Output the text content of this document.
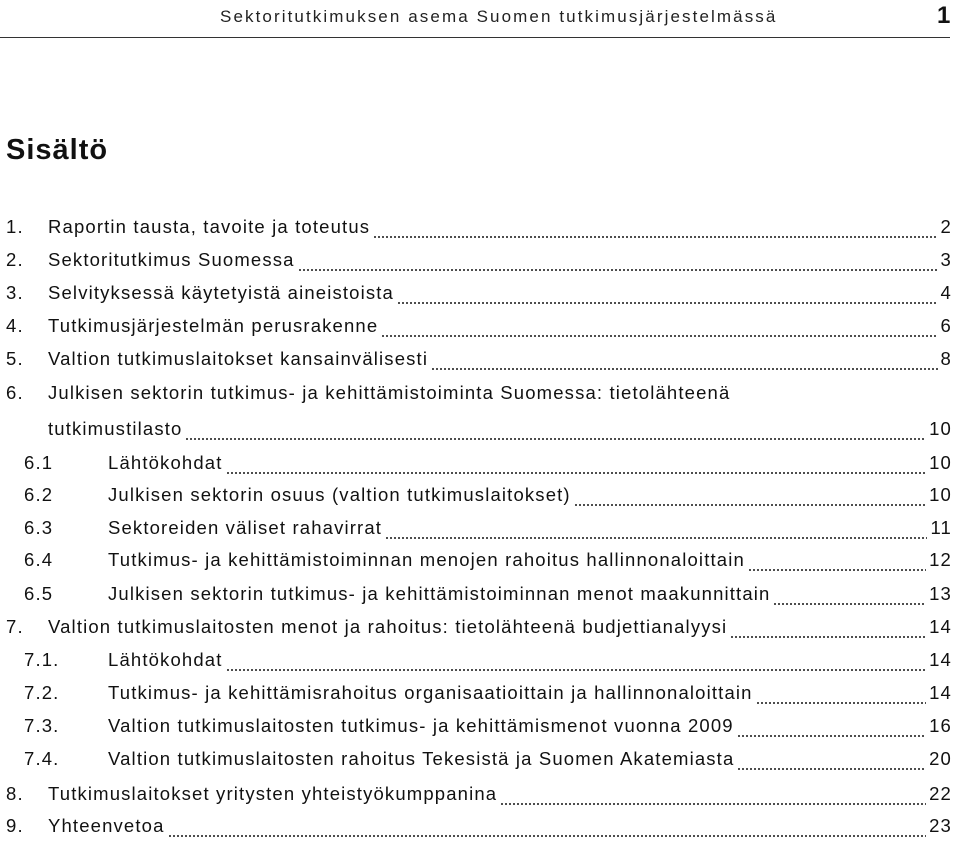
Sektoritutkimuksen asema Suomen tutkimusjärjestelmässä	1
Sisältö
1.	Raportin tausta, tavoite ja toteutus	2
2.	Sektoritutkimus Suomessa	3
3.	Selvityksessä käytetyistä aineistoista	4
4.	Tutkimusjärjestelmän perusrakenne	6
5.	Valtion tutkimuslaitokset kansainvälisesti	8
6.	Julkisen sektorin tutkimus- ja kehittämistoiminta Suomessa: tietolähteenä
tutkimustilasto	10
6.1	Lähtökohdat	10
6.2	Julkisen sektorin osuus (valtion tutkimuslaitokset)	10
6.3	Sektoreiden väliset rahavirrat	11
6.4	Tutkimus- ja kehittämistoiminnan menojen rahoitus hallinnonaloittain	12
6.5	Julkisen sektorin tutkimus- ja kehittämistoiminnan menot maakunnittain	13
7.	Valtion tutkimuslaitosten menot ja rahoitus: tietolähteenä budjettianalyysi	14
7.1.	Lähtökohdat	14
7.2.	Tutkimus- ja kehittämisrahoitus organisaatioittain ja hallinnonaloittain	14
7.3.	Valtion tutkimuslaitosten tutkimus- ja kehittämismenot vuonna 2009	16
7.4.	Valtion tutkimuslaitosten rahoitus Tekesistä ja Suomen Akatemiasta	20
8.	Tutkimuslaitokset yritysten yhteistyökumppanina	22
9.	Yhteenvetoa	23
